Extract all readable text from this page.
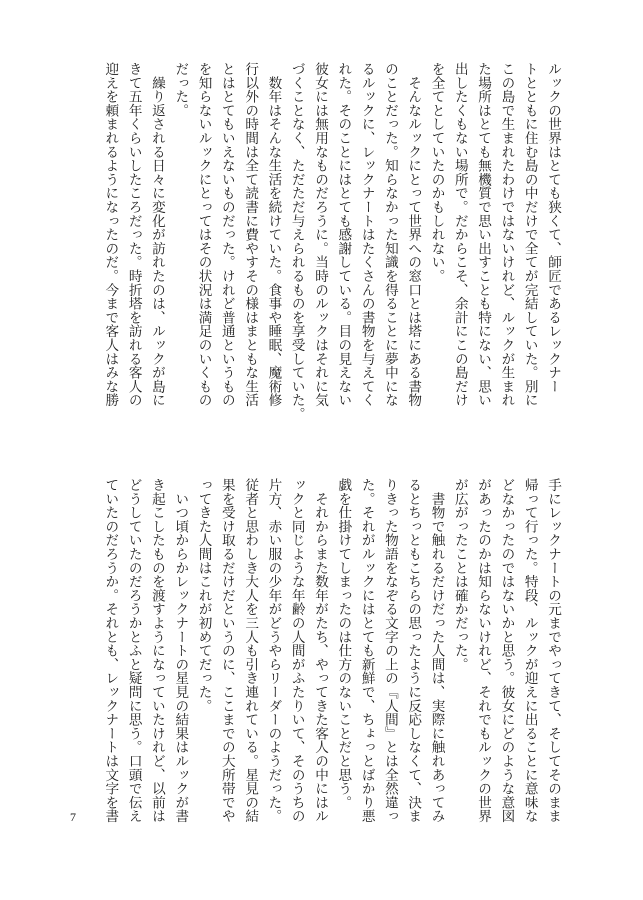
ルックの世界はとても狭くて、師匠であるレックナー

トとともに住む島の中だけで全てが完結していた。別に

この島で生まれたわけではないけれど、ルックが生まれ

た場所はとても無機質で思い出すことも特にない、思い

出したくもない場所で。だからこそ、余計にこの島だけ

を全てとしていたのかもしれない。

　そんなルックにとって世界への窓口とは塔にある書物

のことだった。知らなかった知識を得ることに夢中にな

るルックに、レックナートはたくさんの書物を与えてく

れた。そのことにはとても感謝している。目の見えない

彼女には無用なものだろうに。当時のルックはそれに気

づくことなく、ただただ与えられるものを享受していた。

　数年はそんな生活を続けていた。食事や睡眠、魔術修

行以外の時間は全て読書に費やすその様はまともな生活

とはとてもいえないものだった。けれど普通というもの

を知らないルックにとってはその状況は満足のいくもの

だった。

　繰り返される日々に変化が訪れたのは、ルックが島に

きて五年くらいしたころだった。時折塔を訪れる客人の

迎えを頼まれるようになったのだ。今まで客人はみな勝

手にレックナートの元までやってきて、そしてそのまま

帰って行った。特段、ルックが迎えに出ることに意味な

どなかったのではないかと思う。彼女にどのような意図

があったのかは知らないけれど、それでもルックの世界

が広がったことは確かだった。

　書物で触れるだけだった人間は、実際に触れあってみ

るとちっともこちらの思ったように反応しなくて、決ま

りきった物語をなぞる文字の上の『人間』とは全然違っ

た。それがルックにはとても新鮮で、ちょっとばかり悪

戯を仕掛けてしまったのは仕方のないことだと思う。

　それからまた数年がたち、やってきた客人の中にはル

ックと同じような年齢の人間がふたりいて、そのうちの

片方、赤い服の少年がどうやらリーダーのようだった。

従者と思わしき大人を三人も引き連れている。星見の結

果を受け取るだけだというのに、ここまでの大所帯でや

ってきた人間はこれが初めてだった。

　いつ頃からかレックナートの星見の結果はルックが書

き起こしたものを渡すようになっていたけれど、以前は

どうしていたのだろうかとふと疑問に思う。口頭で伝え

ていたのだろうか。それとも、レックナートは文字を書

7
